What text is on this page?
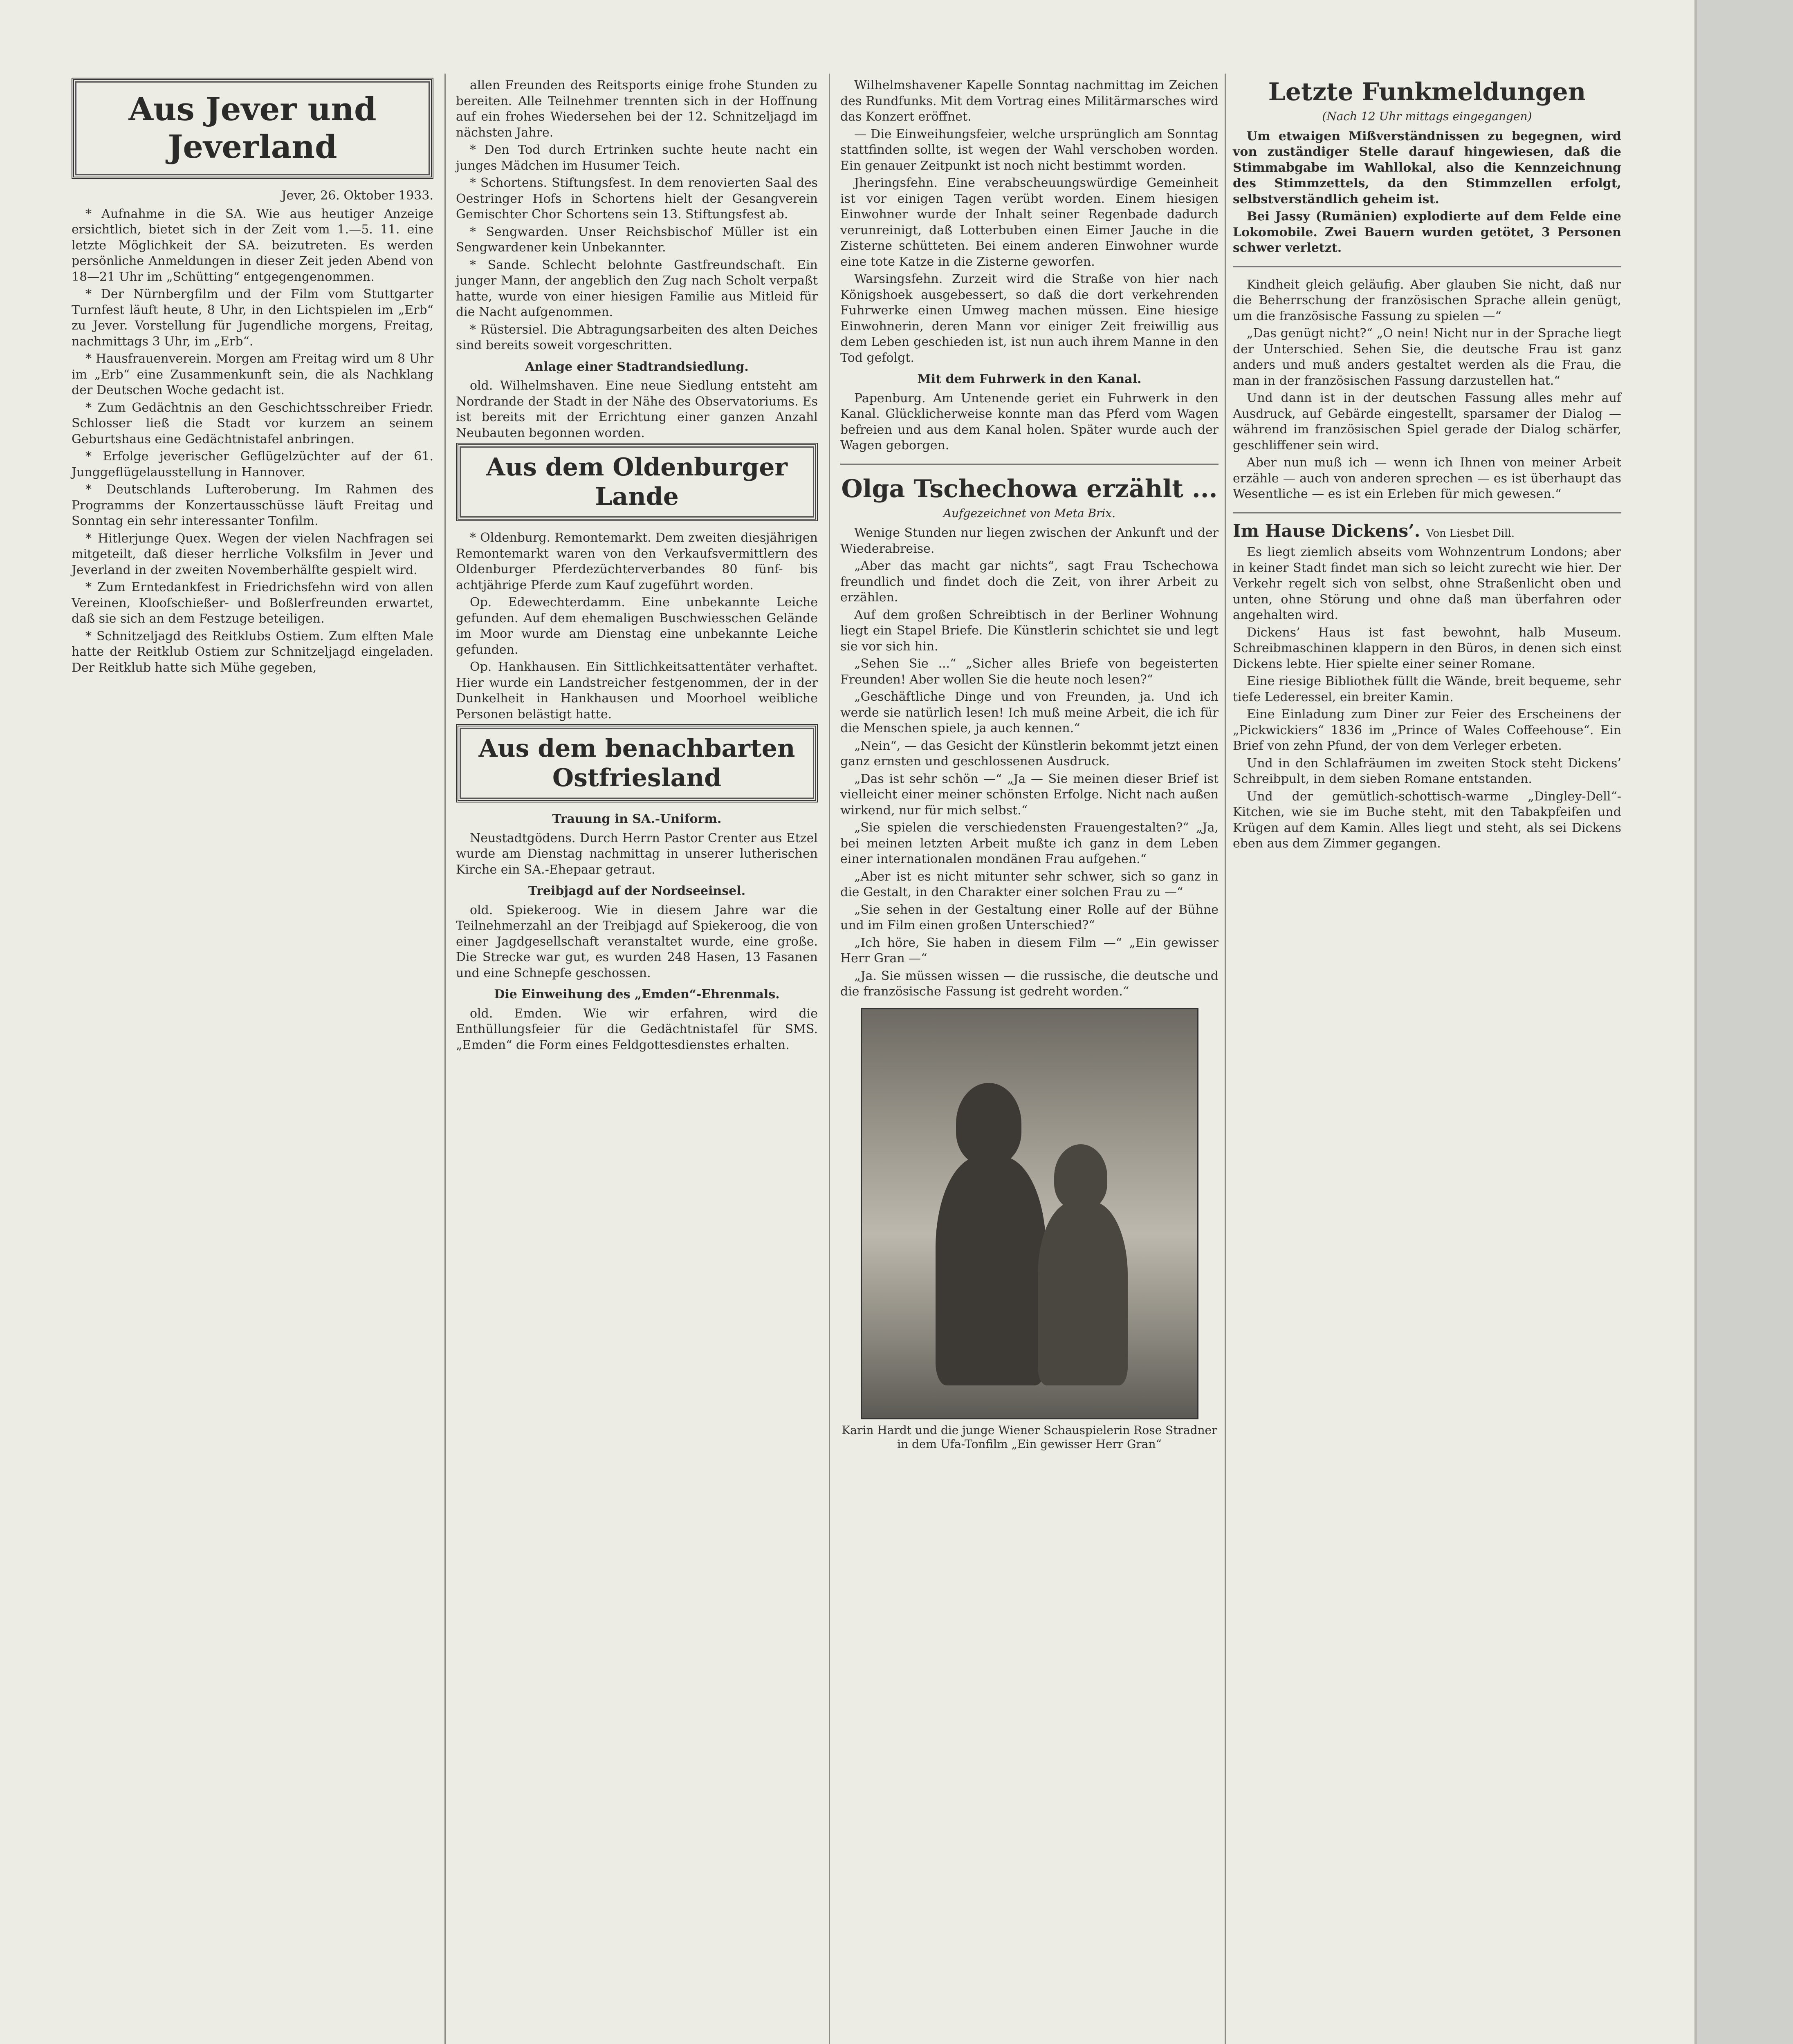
Aus Jever und Jeverland
Jever, 26. Oktober 1933.

* Aufnahme in die SA. Wie aus heutiger Anzeige ersichtlich, bietet sich in der Zeit vom 1.—5. 11. eine letzte Möglichkeit der SA. beizutreten. Es werden persönliche Anmeldungen in dieser Zeit jeden Abend von 18—21 Uhr im „Schütting“ entgegengenommen.

* Der Nürnbergfilm und der Film vom Stuttgarter Turnfest läuft heute, 8 Uhr, in den Lichtspielen im „Erb“ zu Jever. Vorstellung für Jugendliche morgens, Freitag, nachmittags 3 Uhr, im „Erb“.

* Hausfrauenverein. Morgen am Freitag wird um 8 Uhr im „Erb“ eine Zusammenkunft sein, die als Nachklang der Deutschen Woche gedacht ist.

* Zum Gedächtnis an den Geschichtsschreiber Friedr. Schlosser ließ die Stadt vor kurzem an seinem Geburtshaus eine Gedächtnistafel anbringen.

* Erfolge jeverischer Geflügelzüchter auf der 61. Junggeflügelausstellung in Hannover.

* Deutschlands Lufteroberung. Im Rahmen des Programms der Konzertausschüsse läuft Freitag und Sonntag ein sehr interessanter Tonfilm.

* Hitlerjunge Quex. Wegen der vielen Nachfragen sei mitgeteilt, daß dieser herrliche Volksfilm in Jever und Jeverland in der zweiten Novemberhälfte gespielt wird.

* Zum Erntedankfest in Friedrichsfehn wird von allen Vereinen, Kloofschießer- und Boßlerfreunden erwartet, daß sie sich an dem Festzuge beteiligen.

* Schnitzeljagd des Reitklubs Ostiem. Zum elften Male hatte der Reitklub Ostiem zur Schnitzeljagd eingeladen. Der Reitklub hatte sich Mühe gegeben,

allen Freunden des Reitsports einige frohe Stunden zu bereiten. Alle Teilnehmer trennten sich in der Hoffnung auf ein frohes Wiedersehen bei der 12. Schnitzeljagd im nächsten Jahre.

* Den Tod durch Ertrinken suchte heute nacht ein junges Mädchen im Husumer Teich.

* Schortens. Stiftungsfest. In dem renovierten Saal des Oestringer Hofs in Schortens hielt der Gesangverein Gemischter Chor Schortens sein 13. Stiftungsfest ab.

* Sengwarden. Unser Reichsbischof Müller ist ein Sengwardener kein Unbekannter.

* Sande. Schlecht belohnte Gastfreundschaft. Ein junger Mann, der angeblich den Zug nach Scholt verpaßt hatte, wurde von einer hiesigen Familie aus Mitleid für die Nacht aufgenommen.

* Rüstersiel. Die Abtragungsarbeiten des alten Deiches sind bereits soweit vorgeschritten.

Anlage einer Stadtrandsiedlung.

old. Wilhelmshaven. Eine neue Siedlung entsteht am Nordrande der Stadt in der Nähe des Observatoriums. Es ist bereits mit der Errichtung einer ganzen Anzahl Neubauten begonnen worden.

Aus dem Oldenburger Lande

* Oldenburg. Remontemarkt. Dem zweiten diesjährigen Remontemarkt waren von den Verkaufsvermittlern des Oldenburger Pferdezüchterverbandes 80 fünf- bis achtjährige Pferde zum Kauf zugeführt worden.

Op. Edewechterdamm. Eine unbekannte Leiche gefunden. Auf dem ehemaligen Buschwiesschen Gelände im Moor wurde am Dienstag eine unbekannte Leiche gefunden.

Op. Hankhausen. Ein Sittlichkeitsattentäter verhaftet. Hier wurde ein Landstreicher festgenommen, der in der Dunkelheit in Hankhausen und Moorhoel weibliche Personen belästigt hatte.

Aus dem benachbarten Ostfriesland

Trauung in SA.-Uniform.

Neustadtgödens. Durch Herrn Pastor Crenter aus Etzel wurde am Dienstag nachmittag in unserer lutherischen Kirche ein SA.-Ehepaar getraut.

Treibjagd auf der Nordseeinsel.

old. Spiekeroog. Wie in diesem Jahre war die Teilnehmerzahl an der Treibjagd auf Spiekeroog, die von einer Jagdgesellschaft veranstaltet wurde, eine große. Die Strecke war gut, es wurden 248 Hasen, 13 Fasanen und eine Schnepfe geschossen.

Die Einweihung des „Emden“-Ehrenmals.

old. Emden. Wie wir erfahren, wird die Enthüllungsfeier für die Gedächtnistafel für SMS. „Emden“ die Form eines Feldgottesdienstes erhalten.

Wilhelmshavener Kapelle Sonntag nachmittag im Zeichen des Rundfunks. Mit dem Vortrag eines Militärmarsches wird das Konzert eröffnet.

— Die Einweihungsfeier, welche ursprünglich am Sonntag stattfinden sollte, ist wegen der Wahl verschoben worden. Ein genauer Zeitpunkt ist noch nicht bestimmt worden.

Jheringsfehn. Eine verabscheuungswürdige Gemeinheit ist vor einigen Tagen verübt worden. Einem hiesigen Einwohner wurde der Inhalt seiner Regenbade dadurch verunreinigt, daß Lotterbuben einen Eimer Jauche in die Zisterne schütteten. Bei einem anderen Einwohner wurde eine tote Katze in die Zisterne geworfen.

Warsingsfehn. Zurzeit wird die Straße von hier nach Königshoek ausgebessert, so daß die dort verkehrenden Fuhrwerke einen Umweg machen müssen. Eine hiesige Einwohnerin, deren Mann vor einiger Zeit freiwillig aus dem Leben geschieden ist, ist nun auch ihrem Manne in den Tod gefolgt.

Mit dem Fuhrwerk in den Kanal.

Papenburg. Am Untenende geriet ein Fuhrwerk in den Kanal. Glücklicherweise konnte man das Pferd vom Wagen befreien und aus dem Kanal holen. Später wurde auch der Wagen geborgen.

Olga Tschechowa erzählt ...
Aufgezeichnet von Meta Brix.

Wenige Stunden nur liegen zwischen der Ankunft und der Wiederabreise.

„Aber das macht gar nichts“, sagt Frau Tschechowa freundlich und findet doch die Zeit, von ihrer Arbeit zu erzählen.

Auf dem großen Schreibtisch in der Berliner Wohnung liegt ein Stapel Briefe. Die Künstlerin schichtet sie und legt sie vor sich hin.

„Sehen Sie ...“ „Sicher alles Briefe von begeisterten Freunden! Aber wollen Sie die heute noch lesen?“

„Geschäftliche Dinge und von Freunden, ja. Und ich werde sie natürlich lesen! Ich muß meine Arbeit, die ich für die Menschen spiele, ja auch kennen.“

„Nein“, — das Gesicht der Künstlerin bekommt jetzt einen ganz ernsten und geschlossenen Ausdruck.

„Das ist sehr schön —“ „Ja — Sie meinen dieser Brief ist vielleicht einer meiner schönsten Erfolge. Nicht nach außen wirkend, nur für mich selbst.“

„Sie spielen die verschiedensten Frauengestalten?“ „Ja, bei meinen letzten Arbeit mußte ich ganz in dem Leben einer internationalen mondänen Frau aufgehen.“

„Aber ist es nicht mitunter sehr schwer, sich so ganz in die Gestalt, in den Charakter einer solchen Frau zu —“

„Sie sehen in der Gestaltung einer Rolle auf der Bühne und im Film einen großen Unterschied?“

„Ich höre, Sie haben in diesem Film —“ „Ein gewisser Herr Gran —“

„Ja. Sie müssen wissen — die russische, die deutsche und die französische Fassung ist gedreht worden.“

Karin Hardt und die junge Wiener Schauspielerin Rose Stradner in dem Ufa-Tonfilm „Ein gewisser Herr Gran“

Letzte Funkmeldungen
(Nach 12 Uhr mittags eingegangen)

Um etwaigen Mißverständnissen zu begegnen, wird von zuständiger Stelle darauf hingewiesen, daß die Stimmabgabe im Wahllokal, also die Kennzeichnung des Stimmzettels, da den Stimmzellen erfolgt, selbstverständlich geheim ist.

Bei Jassy (Rumänien) explodierte auf dem Felde eine Lokomobile. Zwei Bauern wurden getötet, 3 Personen schwer verletzt.

Kindheit gleich geläufig. Aber glauben Sie nicht, daß nur die Beherrschung der französischen Sprache allein genügt, um die französische Fassung zu spielen —“

„Das genügt nicht?“ „O nein! Nicht nur in der Sprache liegt der Unterschied. Sehen Sie, die deutsche Frau ist ganz anders und muß anders gestaltet werden als die Frau, die man in der französischen Fassung darzustellen hat.“

Und dann ist in der deutschen Fassung alles mehr auf Ausdruck, auf Gebärde eingestellt, sparsamer der Dialog — während im französischen Spiel gerade der Dialog schärfer, geschliffener sein wird.

Aber nun muß ich — wenn ich Ihnen von meiner Arbeit erzähle — auch von anderen sprechen — es ist überhaupt das Wesentliche — es ist ein Erleben für mich gewesen.“

Im Hause Dickens’. Von Liesbet Dill.

Es liegt ziemlich abseits vom Wohnzentrum Londons; aber in keiner Stadt findet man sich so leicht zurecht wie hier. Der Verkehr regelt sich von selbst, ohne Straßenlicht oben und unten, ohne Störung und ohne daß man überfahren oder angehalten wird.

Dickens’ Haus ist fast bewohnt, halb Museum. Schreibmaschinen klappern in den Büros, in denen sich einst Dickens lebte. Hier spielte einer seiner Romane.

Eine riesige Bibliothek füllt die Wände, breit bequeme, sehr tiefe Lederessel, ein breiter Kamin.

Eine Einladung zum Diner zur Feier des Erscheinens der „Pickwickiers“ 1836 im „Prince of Wales Coffeehouse“. Ein Brief von zehn Pfund, der von dem Verleger erbeten.

Und in den Schlafräumen im zweiten Stock steht Dickens’ Schreibpult, in dem sieben Romane entstanden.

Und der gemütlich-schottisch-warme „Dingley-Dell“-Kitchen, wie sie im Buche steht, mit den Tabakpfeifen und Krügen auf dem Kamin. Alles liegt und steht, als sei Dickens eben aus dem Zimmer gegangen.
